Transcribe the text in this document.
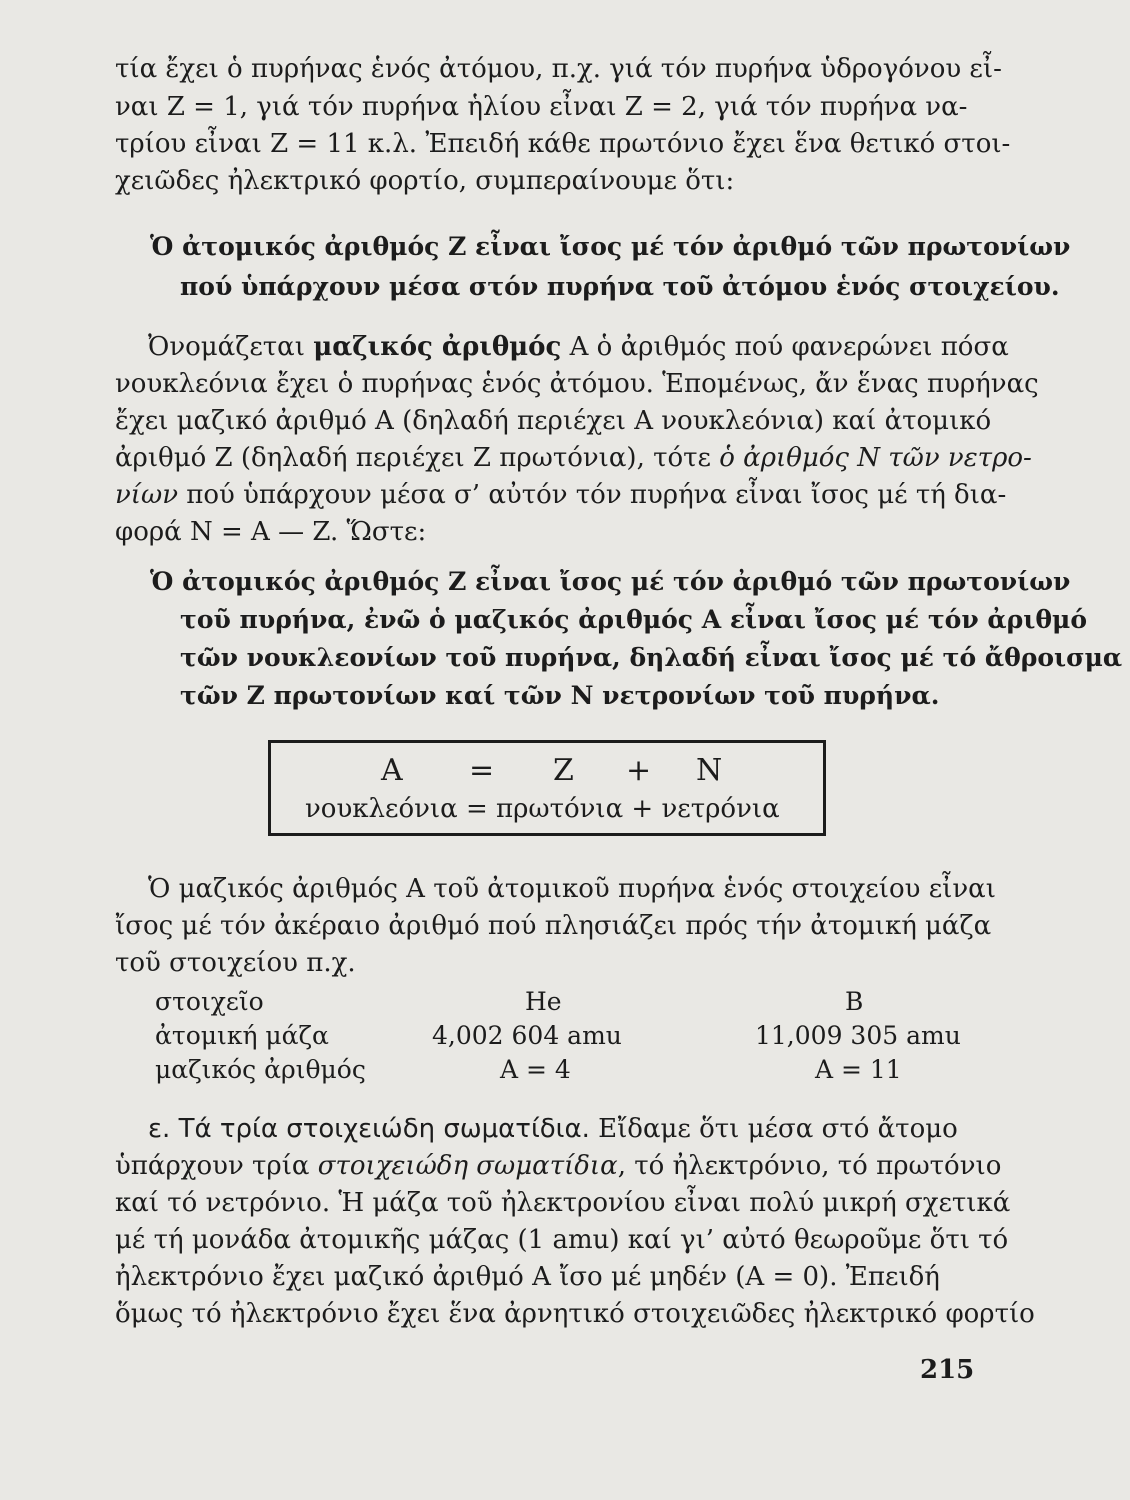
τία ἔχει ὁ πυρήνας ἑνός ἀτόμου, π.χ. γιά τόν πυρήνα ὑδρογόνου εἶ-
ναι Z = 1, γιά τόν πυρήνα ἡλίου εἶναι Z = 2, γιά τόν πυρήνα να-
τρίου εἶναι Z = 11 κ.λ. Ἐπειδή κάθε πρωτόνιο ἔχει ἕνα θετικό στοι-
χειῶδες ἠλεκτρικό φορτίο, συμπεραίνουμε ὅτι:
Ὁ ἀτομικός ἀριθμός Z εἶναι ἴσος μέ τόν ἀριθμό τῶν πρωτονίων
πού ὑπάρχουν μέσα στόν πυρήνα τοῦ ἀτόμου ἑνός στοιχείου.
Ὀνομάζεται μαζικός ἀριθμός A ὁ ἀριθμός πού φανερώνει πόσα
νουκλεόνια ἔχει ὁ πυρήνας ἑνός ἀτόμου. Ἑπομένως, ἄν ἕνας πυρήνας
ἔχει μαζικό ἀριθμό A (δηλαδή περιέχει A νουκλεόνια) καί ἀτομικό
ἀριθμό Z (δηλαδή περιέχει Z πρωτόνια), τότε ὁ ἀριθμός N τῶν νετρο-
νίων πού ὑπάρχουν μέσα σ’ αὐτόν τόν πυρήνα εἶναι ἴσος μέ τή δια-
φορά N = A — Z. Ὥστε:
Ὁ ἀτομικός ἀριθμός Z εἶναι ἴσος μέ τόν ἀριθμό τῶν πρωτονίων
τοῦ πυρήνα, ἐνῶ ὁ μαζικός ἀριθμός A εἶναι ἴσος μέ τόν ἀριθμό
τῶν νουκλεονίων τοῦ πυρήνα, δηλαδή εἶναι ἴσος μέ τό ἄθροισμα
τῶν Z πρωτονίων καί τῶν N νετρονίων τοῦ πυρήνα.
A = Z + N
νουκλεόνια = πρωτόνια + νετρόνια
Ὁ μαζικός ἀριθμός A τοῦ ἀτομικοῦ πυρήνα ἑνός στοιχείου εἶναι
ἴσος μέ τόν ἀκέραιο ἀριθμό πού πλησιάζει πρός τήν ἀτομική μάζα
τοῦ στοιχείου π.χ.
στοιχεῖο	He	B
ἀτομική μάζα	4,002 604 amu	11,009 305 amu
μαζικός ἀριθμός	A = 4	A = 11
ε. Τά τρία στοιχειώδη σωματίδια. Εἴδαμε ὅτι μέσα στό ἄτομο
ὑπάρχουν τρία στοιχειώδη σωματίδια, τό ἠλεκτρόνιο, τό πρωτόνιο
καί τό νετρόνιο. Ἡ μάζα τοῦ ἠλεκτρονίου εἶναι πολύ μικρή σχετικά
μέ τή μονάδα ἀτομικῆς μάζας (1 amu) καί γι’ αὐτό θεωροῦμε ὅτι τό
ἠλεκτρόνιο ἔχει μαζικό ἀριθμό A ἴσο μέ μηδέν (A = 0). Ἐπειδή
ὅμως τό ἠλεκτρόνιο ἔχει ἕνα ἀρνητικό στοιχειῶδες ἠλεκτρικό φορτίο
215
